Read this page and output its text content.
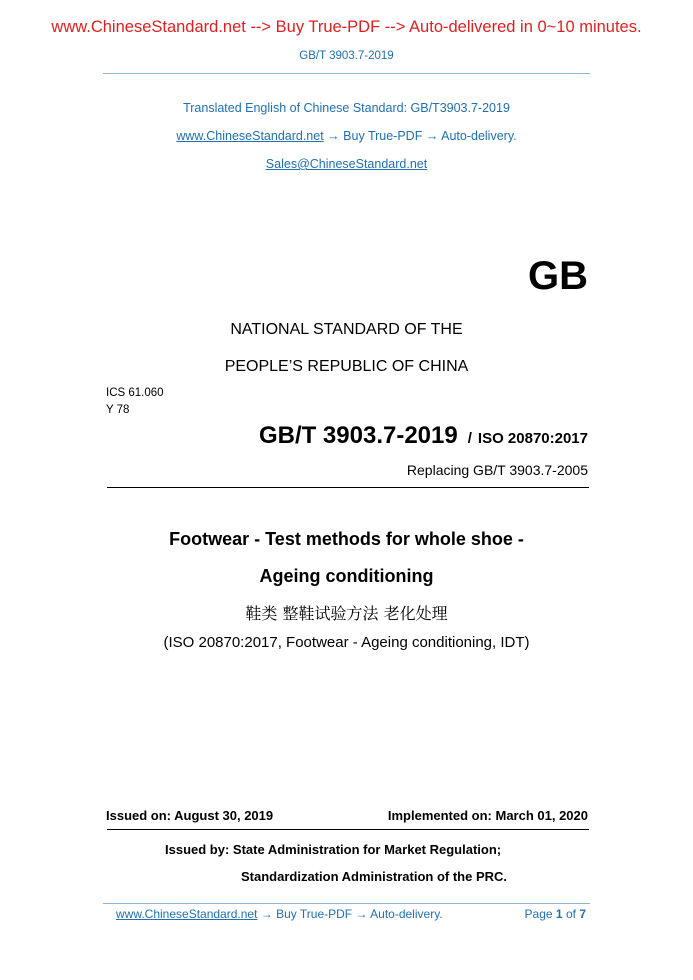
www.ChineseStandard.net --> Buy True-PDF --> Auto-delivered in 0~10 minutes.
GB/T 3903.7-2019
Translated English of Chinese Standard: GB/T3903.7-2019
www.ChineseStandard.net → Buy True-PDF → Auto-delivery.
Sales@ChineseStandard.net
GB
NATIONAL STANDARD OF THE
PEOPLE’S REPUBLIC OF CHINA
ICS 61.060
Y 78
GB/T 3903.7-2019 / ISO 20870:2017
Replacing GB/T 3903.7-2005
Footwear - Test methods for whole shoe -
Ageing conditioning
鞋类 整鞋试验方法 老化处理
(ISO 20870:2017, Footwear - Ageing conditioning, IDT)
Issued on: August 30, 2019	Implemented on: March 01, 2020
Issued by: State Administration for Market Regulation;
Standardization Administration of the PRC.
www.ChineseStandard.net → Buy True-PDF → Auto-delivery.	Page 1 of 7
